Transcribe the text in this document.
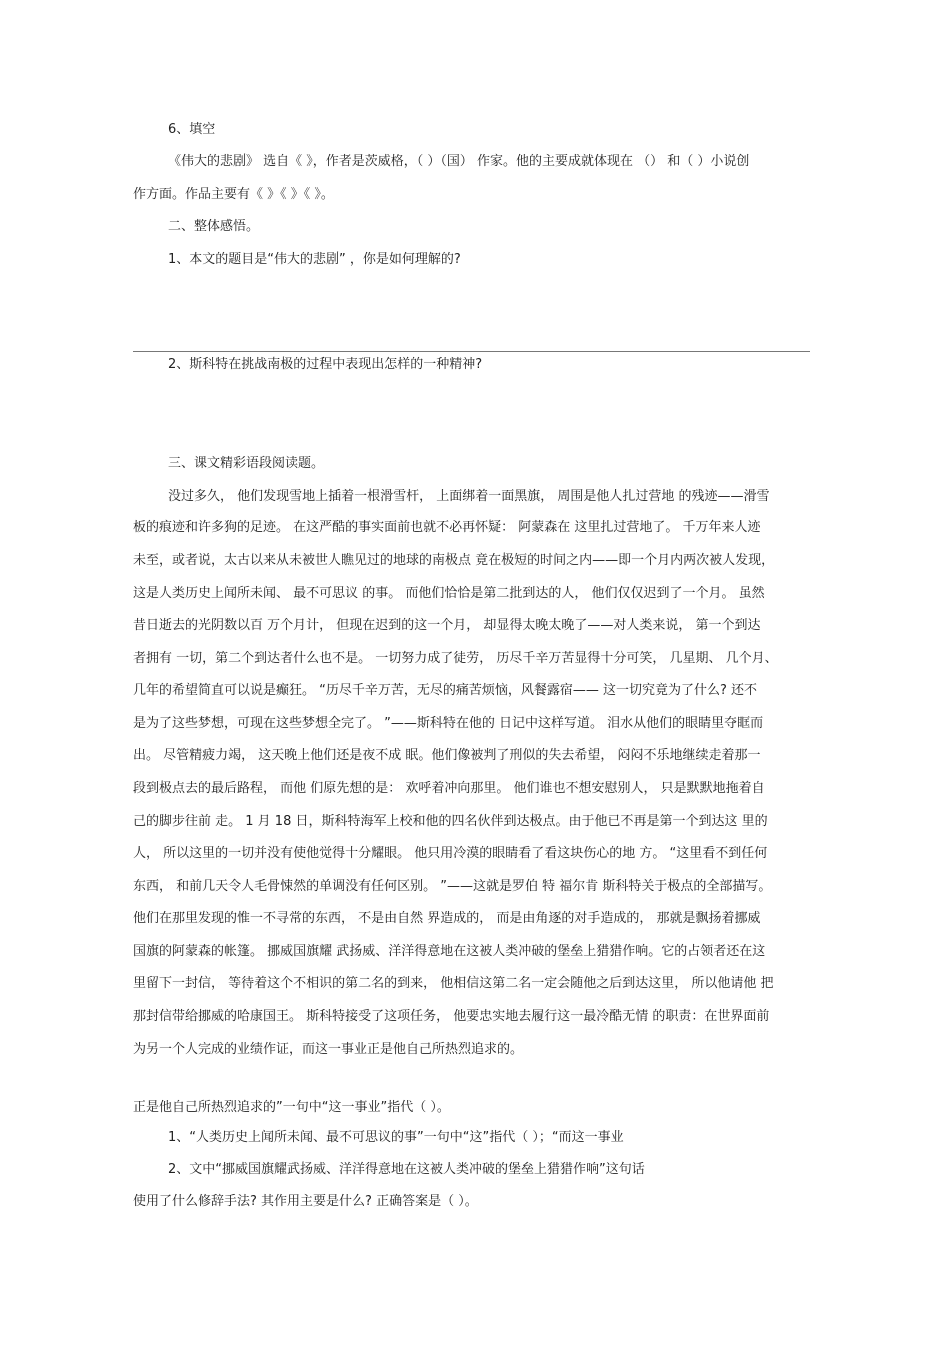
6、填空
《伟大的悲剧》 选自《 》，作者是茨威格，（ ）（国） 作家。他的主要成就体现在 （） 和（ ）小说创
作方面。作品主要有《 》《 》《 》。
二、整体感悟。
1、本文的题目是“伟大的悲剧” ，你是如何理解的?
2、斯科特在挑战南极的过程中表现出怎样的一种精神?
三、课文精彩语段阅读题。
没过多久， 他们发现雪地上插着一根滑雪杆， 上面绑着一面黑旗， 周围是他人扎过营地 的残迹——滑雪
板的痕迹和许多狗的足迹。 在这严酷的事实面前也就不必再怀疑： 阿蒙森在 这里扎过营地了。 千万年来人迹
未至，或者说，太古以来从未被世人瞧见过的地球的南极点 竟在极短的时间之内——即一个月内两次被人发现，
这是人类历史上闻所未闻、 最不可思议 的事。 而他们恰恰是第二批到达的人， 他们仅仅迟到了一个月。 虽然
昔日逝去的光阴数以百 万个月计， 但现在迟到的这一个月， 却显得太晚太晚了——对人类来说， 第一个到达
者拥有 一切，第二个到达者什么也不是。 一切努力成了徒劳， 历尽千辛万苦显得十分可笑， 几星期、 几个月、
几年的希望简直可以说是癫狂。 “历尽千辛万苦，无尽的痛苦烦恼，风餐露宿—— 这一切究竟为了什么? 还不
是为了这些梦想，可现在这些梦想全完了。 ”——斯科特在他的 日记中这样写道。 泪水从他们的眼睛里夺眶而
出。 尽管精疲力竭， 这天晚上他们还是夜不成 眠。他们像被判了刑似的失去希望， 闷闷不乐地继续走着那一
段到极点去的最后路程， 而他 们原先想的是： 欢呼着冲向那里。 他们谁也不想安慰别人， 只是默默地拖着自
己的脚步往前 走。 1 月 18 日，斯科特海军上校和他的四名伙伴到达极点。由于他已不再是第一个到达这 里的
人， 所以这里的一切并没有使他觉得十分耀眼。 他只用冷漠的眼睛看了看这块伤心的地 方。 “这里看不到任何
东西， 和前几天令人毛骨悚然的单调没有任何区别。 ”——这就是罗伯 特 福尔肯 斯科特关于极点的全部描写。
他们在那里发现的惟一不寻常的东西， 不是由自然 界造成的， 而是由角逐的对手造成的， 那就是飘扬着挪威
国旗的阿蒙森的帐篷。 挪威国旗耀 武扬威、洋洋得意地在这被人类冲破的堡垒上猎猎作响。它的占领者还在这
里留下一封信， 等待着这个不相识的第二名的到来， 他相信这第二名一定会随他之后到达这里， 所以他请他 把
那封信带给挪威的哈康国王。 斯科特接受了这项任务， 他要忠实地去履行这一最冷酷无情 的职责：在世界面前
为另一个人完成的业绩作证，而这一事业正是他自己所热烈追求的。
正是他自己所热烈追求的”一句中“这一事业”指代（ ）。
1、“人类历史上闻所未闻、最不可思议的事”一句中“这”指代（ ）；“而这一事业
2、文中“挪威国旗耀武扬威、洋洋得意地在这被人类冲破的堡垒上猎猎作响”这句话
使用了什么修辞手法? 其作用主要是什么? 正确答案是（ ）。
